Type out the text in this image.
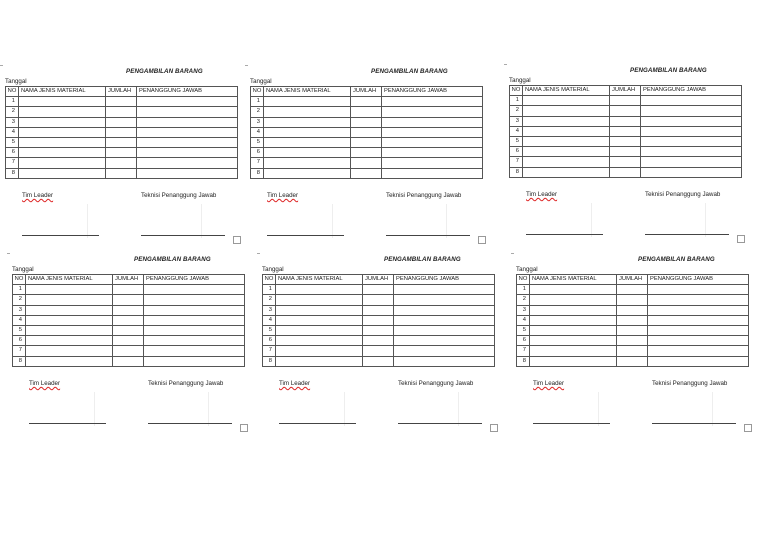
PENGAMBILAN BARANG
Tanggal
NO	NAMA JENIS MATERIAL	JUMLAH	PENANGGUNG JAWAB
1			
2			
3			
4			
5			
6			
7			
8			
Tim Leader	Teknisi Penanggung Jawab
PENGAMBILAN BARANG
Tanggal
NO	NAMA JENIS MATERIAL	JUMLAH	PENANGGUNG JAWAB
1			
2			
3			
4			
5			
6			
7			
8			
Tim Leader	Teknisi Penanggung Jawab
PENGAMBILAN BARANG
Tanggal
NO	NAMA JENIS MATERIAL	JUMLAH	PENANGGUNG JAWAB
1			
2			
3			
4			
5			
6			
7			
8			
Tim Leader	Teknisi Penanggung Jawab
PENGAMBILAN BARANG
Tanggal
NO	NAMA JENIS MATERIAL	JUMLAH	PENANGGUNG JAWAB
1			
2			
3			
4			
5			
6			
7			
8			
Tim Leader	Teknisi Penanggung Jawab
PENGAMBILAN BARANG
Tanggal
NO	NAMA JENIS MATERIAL	JUMLAH	PENANGGUNG JAWAB
1			
2			
3			
4			
5			
6			
7			
8			
Tim Leader	Teknisi Penanggung Jawab
PENGAMBILAN BARANG
Tanggal
NO	NAMA JENIS MATERIAL	JUMLAH	PENANGGUNG JAWAB
1			
2			
3			
4			
5			
6			
7			
8			
Tim Leader	Teknisi Penanggung Jawab
